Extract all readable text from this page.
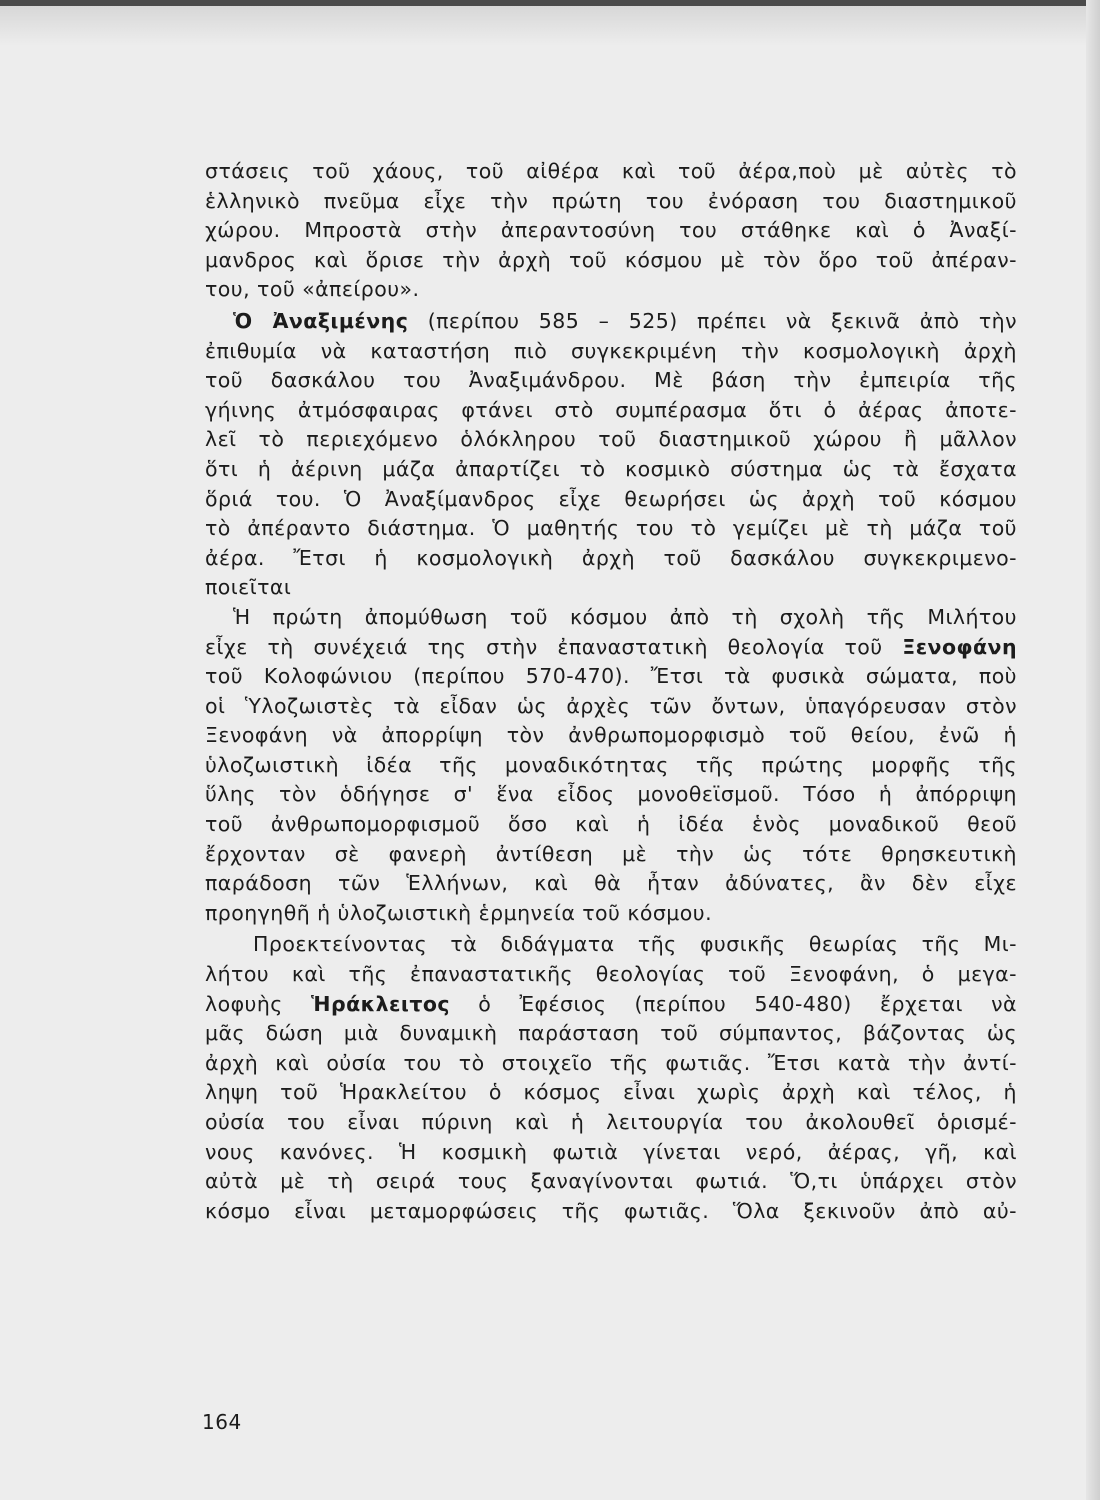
στάσεις τοῦ χάους, τοῦ αἰθέρα καὶ τοῦ ἀέρα,ποὺ μὲ αὐτὲς τὸ
ἑλληνικὸ πνεῦμα εἶχε τὴν πρώτη του ἐνόραση του διαστημικοῦ
χώρου. Μπροστὰ στὴν ἀπεραντοσύνη του στάθηκε καὶ ὁ Ἀναξί-
μανδρος καὶ ὅρισε τὴν ἀρχὴ τοῦ κόσμου μὲ τὸν ὅρο τοῦ ἀπέραν-
του, τοῦ «ἀπείρου».
Ὁ Ἀναξιμένης (περίπου 585 – 525) πρέπει νὰ ξεκινᾶ ἀπὸ τὴν
ἐπιθυμία νὰ καταστήση πιὸ συγκεκριμένη τὴν κοσμολογικὴ ἀρχὴ
τοῦ δασκάλου του Ἀναξιμάνδρου. Μὲ βάση τὴν ἐμπειρία τῆς
γήινης ἀτμόσφαιρας φτάνει στὸ συμπέρασμα ὅτι ὁ ἀέρας ἀποτε-
λεῖ τὸ περιεχόμενο ὁλόκληρου τοῦ διαστημικοῦ χώρου ἢ μᾶλλον
ὅτι ἡ ἀέρινη μάζα ἀπαρτίζει τὸ κοσμικὸ σύστημα ὡς τὰ ἔσχατα
ὅριά του. Ὁ Ἀναξίμανδρος εἶχε θεωρήσει ὡς ἀρχὴ τοῦ κόσμου
τὸ ἀπέραντο διάστημα. Ὁ μαθητής του τὸ γεμίζει μὲ τὴ μάζα τοῦ
ἀέρα. Ἔτσι ἡ κοσμολογικὴ ἀρχὴ τοῦ δασκάλου συγκεκριμενο-
ποιεῖται
Ἡ πρώτη ἀπομύθωση τοῦ κόσμου ἀπὸ τὴ σχολὴ τῆς Μιλήτου
εἶχε τὴ συνέχειά της στὴν ἐπαναστατικὴ θεολογία τοῦ Ξενοφάνη
τοῦ Κολοφώνιου (περίπου 570-470). Ἔτσι τὰ φυσικὰ σώματα, ποὺ
οἱ Ὑλοζωιστὲς τὰ εἶδαν ὡς ἀρχὲς τῶν ὄντων, ὑπαγόρευσαν στὸν
Ξενοφάνη νὰ ἀπορρίψη τὸν ἀνθρωπομορφισμὸ τοῦ θείου, ἐνῶ ἡ
ὑλοζωιστικὴ ἰδέα τῆς μοναδικότητας τῆς πρώτης μορφῆς τῆς
ὕλης τὸν ὁδήγησε σ' ἕνα εἶδος μονοθεϊσμοῦ. Τόσο ἡ ἀπόρριψη
τοῦ ἀνθρωπομορφισμοῦ ὅσο καὶ ἡ ἰδέα ἑνὸς μοναδικοῦ θεοῦ
ἔρχονταν σὲ φανερὴ ἀντίθεση μὲ τὴν ὡς τότε θρησκευτικὴ
παράδοση τῶν Ἑλλήνων, καὶ θὰ ἦταν ἀδύνατες, ἂν δὲν εἶχε
προηγηθῆ ἡ ὑλοζωιστικὴ ἑρμηνεία τοῦ κόσμου.
Προεκτείνοντας τὰ διδάγματα τῆς φυσικῆς θεωρίας τῆς Μι-
λήτου καὶ τῆς ἐπαναστατικῆς θεολογίας τοῦ Ξενοφάνη, ὁ μεγα-
λοφυὴς Ἡράκλειτος ὁ Ἐφέσιος (περίπου 540-480) ἔρχεται νὰ
μᾶς δώση μιὰ δυναμικὴ παράσταση τοῦ σύμπαντος, βάζοντας ὡς
ἀρχὴ καὶ οὐσία του τὸ στοιχεῖο τῆς φωτιᾶς. Ἔτσι κατὰ τὴν ἀντί-
ληψη τοῦ Ἡρακλείτου ὁ κόσμος εἶναι χωρὶς ἀρχὴ καὶ τέλος, ἡ
οὐσία του εἶναι πύρινη καὶ ἡ λειτουργία του ἀκολουθεῖ ὁρισμέ-
νους κανόνες. Ἡ κοσμικὴ φωτιὰ γίνεται νερό, ἀέρας, γῆ, καὶ
αὐτὰ μὲ τὴ σειρά τους ξαναγίνονται φωτιά. Ὅ,τι ὑπάρχει στὸν
κόσμο εἶναι μεταμορφώσεις τῆς φωτιᾶς. Ὅλα ξεκινοῦν ἀπὸ αὐ-
164
